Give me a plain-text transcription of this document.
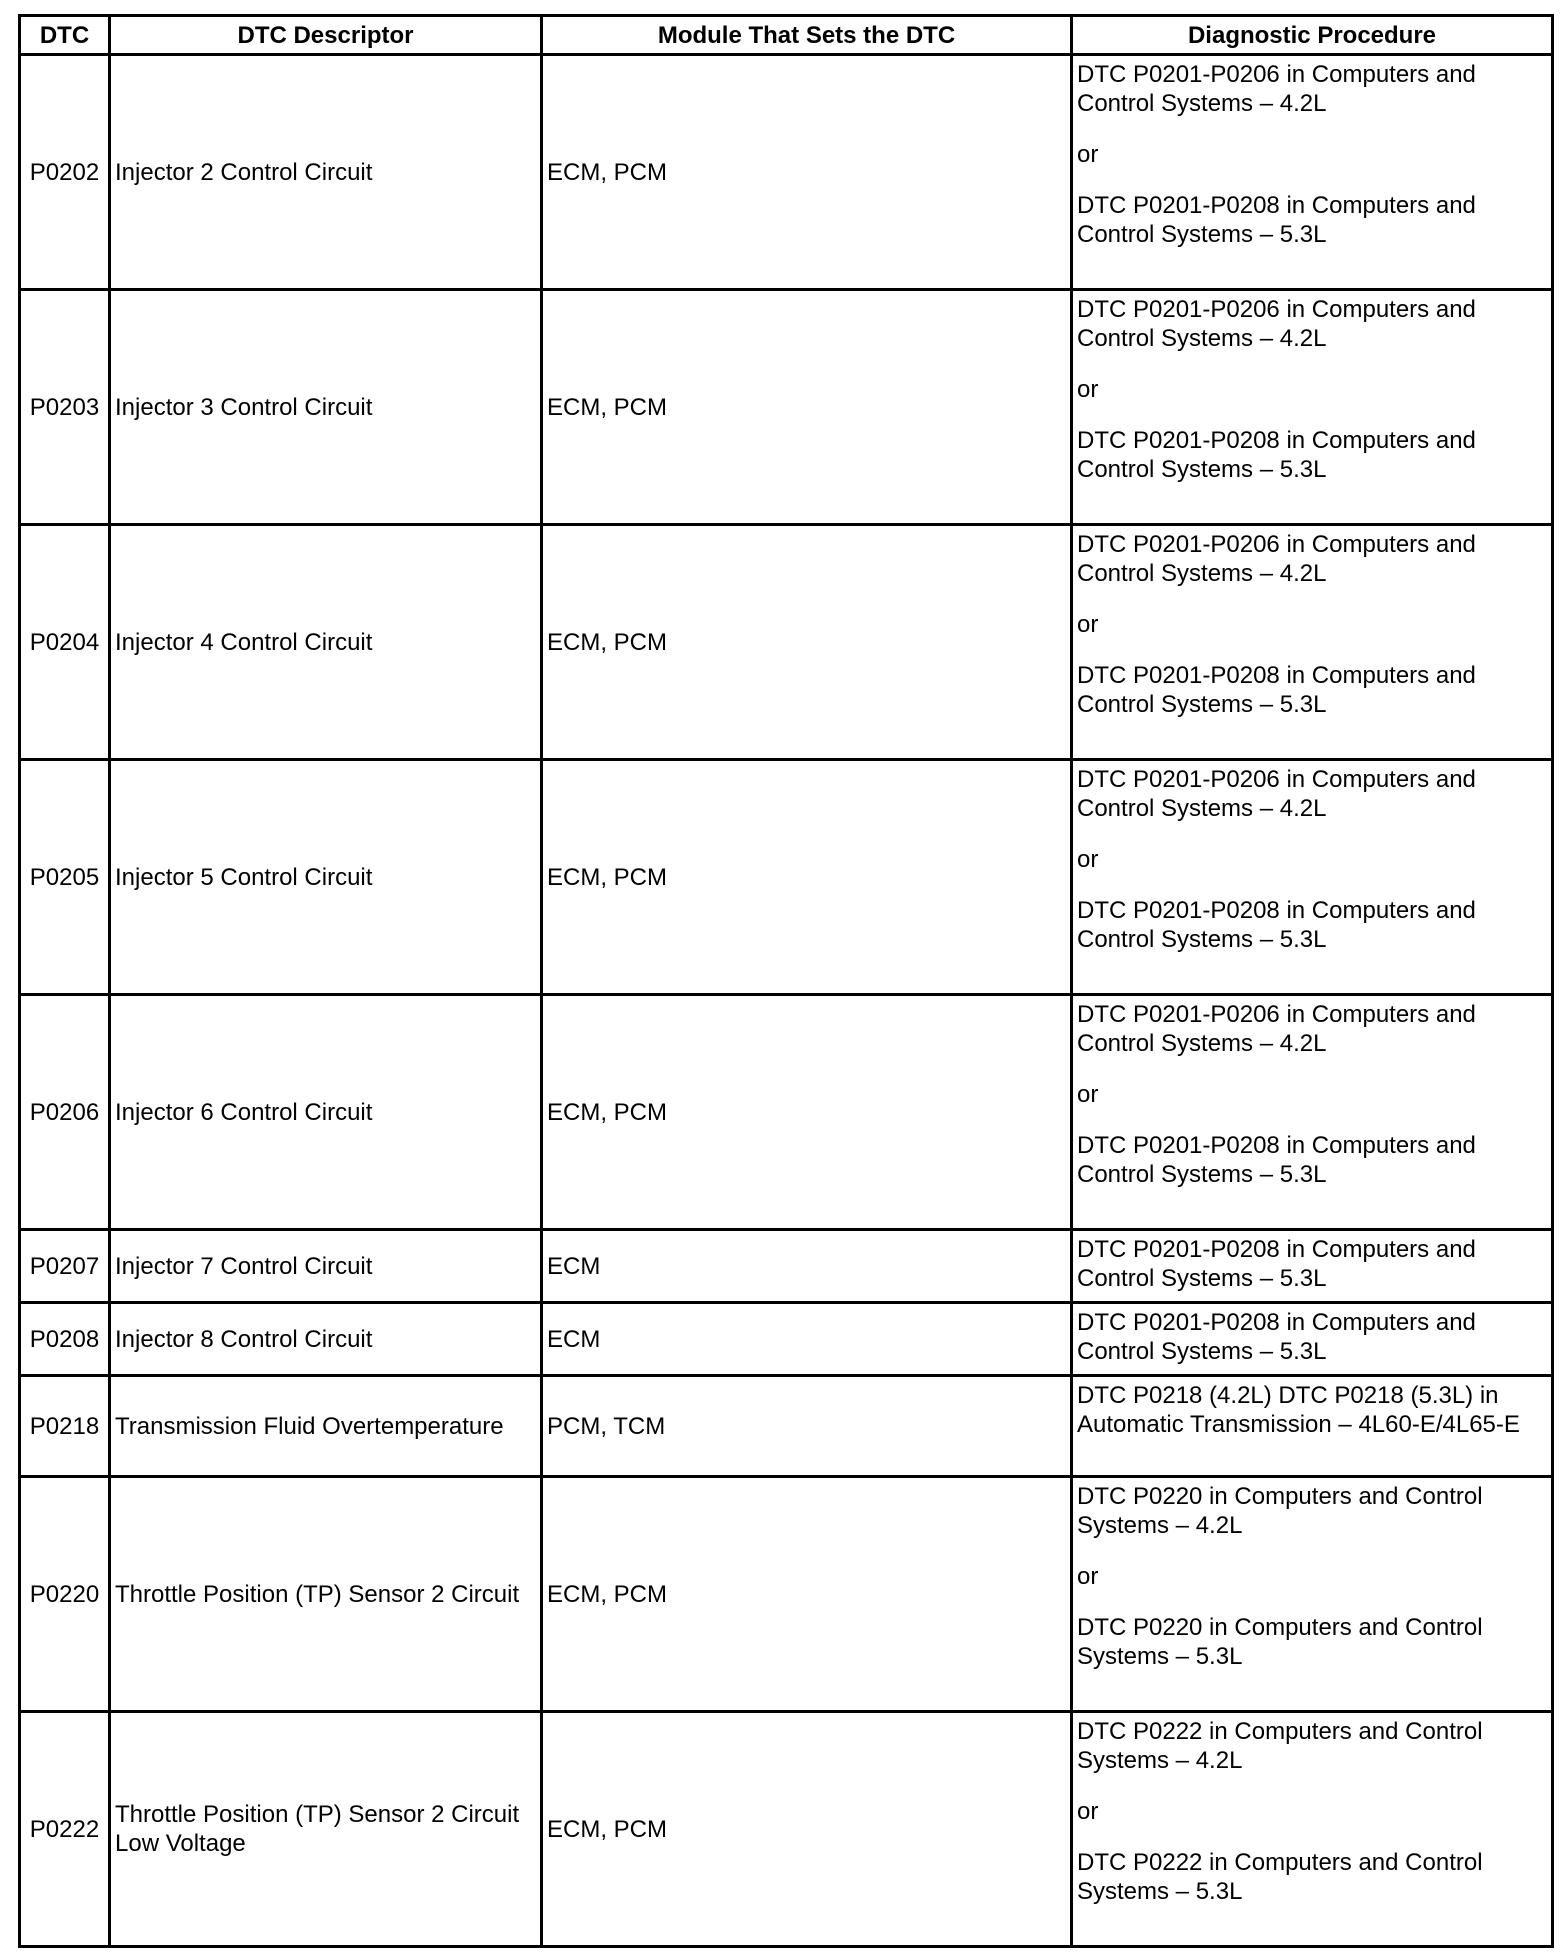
DTC	DTC Descriptor	Module That Sets the DTC	Diagnostic Procedure
P0202	Injector 2 Control Circuit	ECM, PCM	DTC P0201-P0206 in Computers and Control Systems – 4.2L
or
DTC P0201-P0208 in Computers and Control Systems – 5.3L

P0203	Injector 3 Control Circuit	ECM, PCM	DTC P0201-P0206 in Computers and Control Systems – 4.2L
or
DTC P0201-P0208 in Computers and Control Systems – 5.3L

P0204	Injector 4 Control Circuit	ECM, PCM	DTC P0201-P0206 in Computers and Control Systems – 4.2L
or
DTC P0201-P0208 in Computers and Control Systems – 5.3L

P0205	Injector 5 Control Circuit	ECM, PCM	DTC P0201-P0206 in Computers and Control Systems – 4.2L
or
DTC P0201-P0208 in Computers and Control Systems – 5.3L

P0206	Injector 6 Control Circuit	ECM, PCM	DTC P0201-P0206 in Computers and Control Systems – 4.2L
or
DTC P0201-P0208 in Computers and Control Systems – 5.3L

P0207	Injector 7 Control Circuit	ECM	DTC P0201-P0208 in Computers and Control Systems – 5.3L

P0208	Injector 8 Control Circuit	ECM	DTC P0201-P0208 in Computers and Control Systems – 5.3L

P0218	Transmission Fluid Overtemperature	PCM, TCM	DTC P0218 (4.2L) DTC P0218 (5.3L) in Automatic Transmission – 4L60-E/4L65-E

P0220	Throttle Position (TP) Sensor 2 Circuit	ECM, PCM	DTC P0220 in Computers and Control Systems – 4.2L
or
DTC P0220 in Computers and Control Systems – 5.3L

P0222	Throttle Position (TP) Sensor 2 Circuit Low Voltage	ECM, PCM	DTC P0222 in Computers and Control Systems – 4.2L
or
DTC P0222 in Computers and Control Systems – 5.3L
